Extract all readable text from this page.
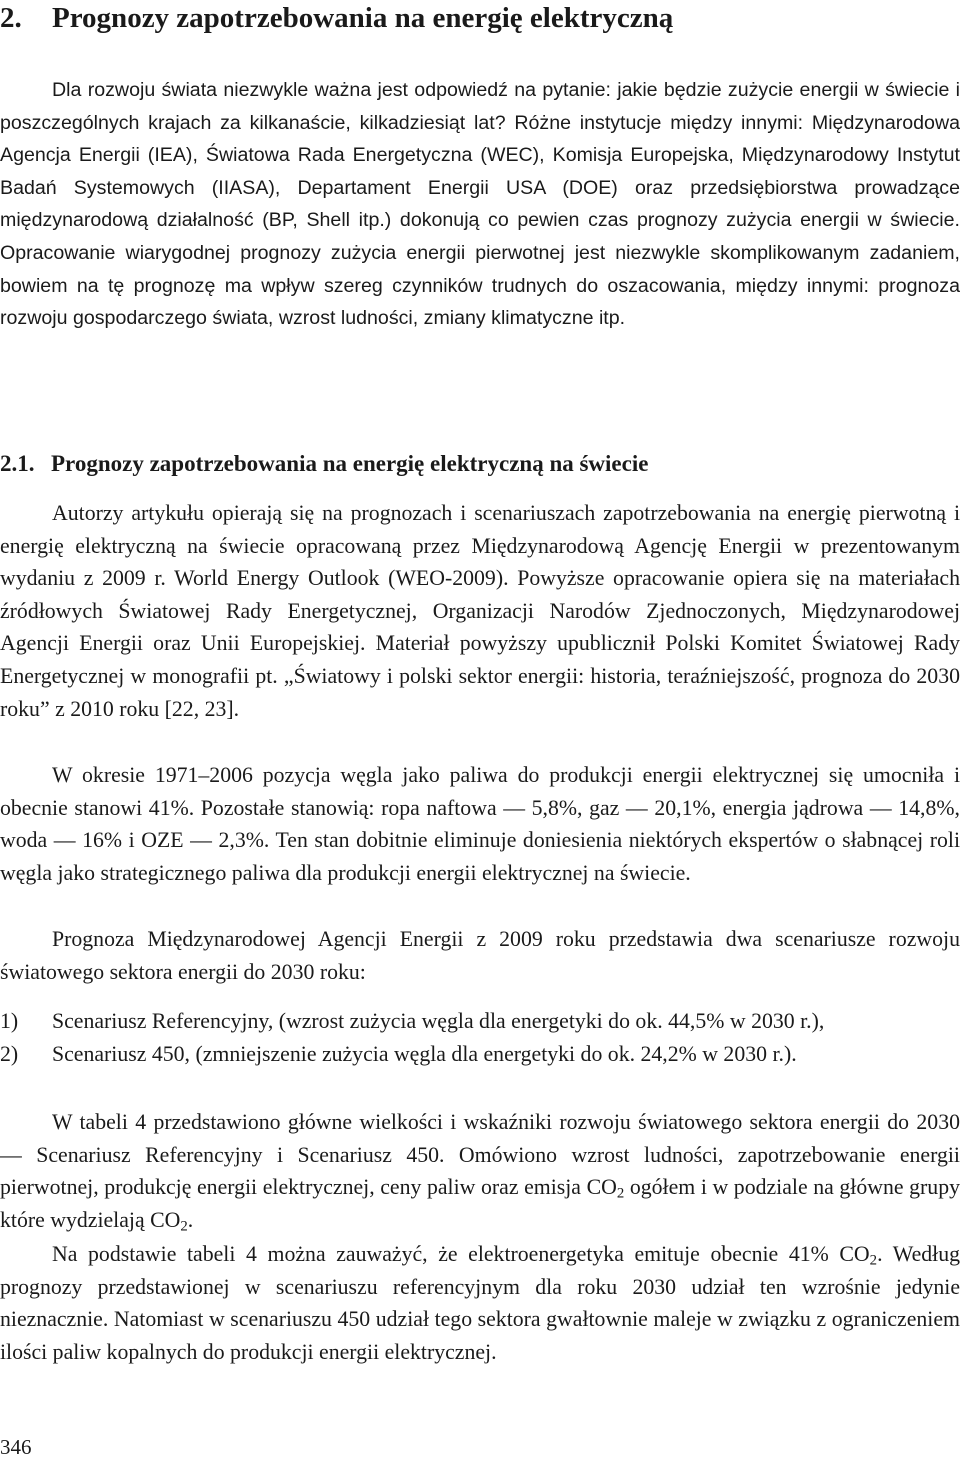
2. Prognozy zapotrzebowania na energię elektryczną

Dla rozwoju świata niezwykle ważna jest odpowiedź na pytanie: jakie będzie zużycie energii w świecie i poszczególnych krajach za kilkanaście, kilkadziesiąt lat? Różne instytucje między innymi: Międzynarodowa Agencja Energii (IEA), Światowa Rada Energetyczna (WEC), Komisja Europejska, Międzynarodowy Instytut Badań Systemowych (IIASA), Departament Energii USA (DOE) oraz przedsiębiorstwa prowadzące międzynarodową działalność (BP, Shell itp.) dokonują co pewien czas prognozy zużycia energii w świecie. Opracowanie wiarygodnej prognozy zużycia energii pierwotnej jest niezwykle skomplikowanym zadaniem, bowiem na tę prognozę ma wpływ szereg czynników trudnych do oszacowania, między innymi: prognoza rozwoju gospodarczego świata, wzrost ludności, zmiany klimatyczne itp.

2.1. Prognozy zapotrzebowania na energię elektryczną na świecie

Autorzy artykułu opierają się na prognozach i scenariuszach zapotrzebowania na energię pierwotną i energię elektryczną na świecie opracowaną przez Międzynarodową Agencję Energii w prezentowanym wydaniu z 2009 r. World Energy Outlook (WEO-2009). Powyższe opracowanie opiera się na materiałach źródłowych Światowej Rady Energetycznej, Organizacji Narodów Zjednoczonych, Międzynarodowej Agencji Energii oraz Unii Europejskiej. Materiał powyższy upublicznił Polski Komitet Światowej Rady Energetycznej w monografii pt. „Światowy i polski sektor energii: historia, teraźniejszość, prognoza do 2030 roku” z 2010 roku [22, 23].

W okresie 1971–2006 pozycja węgla jako paliwa do produkcji energii elektrycznej się umocniła i obecnie stanowi 41%. Pozostałe stanowią: ropa naftowa — 5,8%, gaz — 20,1%, energia jądrowa — 14,8%, woda — 16% i OZE — 2,3%. Ten stan dobitnie eliminuje doniesienia niektórych ekspertów o słabnącej roli węgla jako strategicznego paliwa dla produkcji energii elektrycznej na świecie.

Prognoza Międzynarodowej Agencji Energii z 2009 roku przedstawia dwa scenariusze rozwoju światowego sektora energii do 2030 roku:

1) Scenariusz Referencyjny, (wzrost zużycia węgla dla energetyki do ok. 44,5% w 2030 r.),
2) Scenariusz 450, (zmniejszenie zużycia węgla dla energetyki do ok. 24,2% w 2030 r.).

W tabeli 4 przedstawiono główne wielkości i wskaźniki rozwoju światowego sektora energii do 2030 — Scenariusz Referencyjny i Scenariusz 450. Omówiono wzrost ludności, zapotrzebowanie energii pierwotnej, produkcję energii elektrycznej, ceny paliw oraz emisja $CO_2$ ogółem i w podziale na główne grupy które wydzielają $CO_2$.

Na podstawie tabeli 4 można zauważyć, że elektroenergetyka emituje obecnie 41% $CO_2$. Według prognozy przedstawionej w scenariuszu referencyjnym dla roku 2030 udział ten wzrośnie jedynie nieznacznie. Natomiast w scenariuszu 450 udział tego sektora gwałtownie maleje w związku z ograniczeniem ilości paliw kopalnych do produkcji energii elektrycznej.

346
